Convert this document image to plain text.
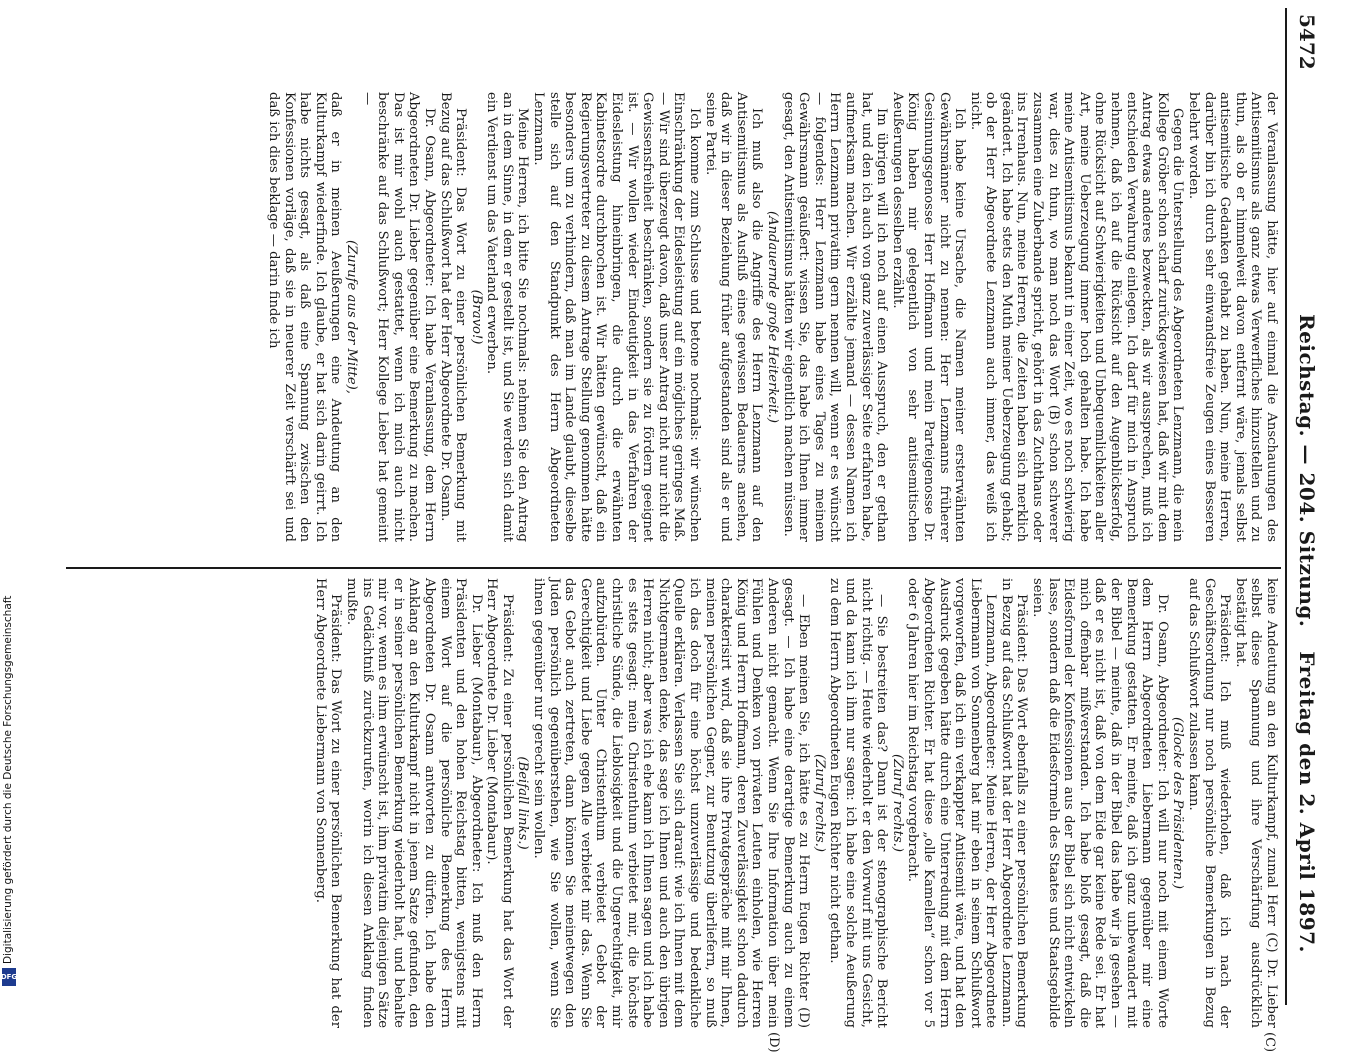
5472
Reichstag. — 204. Sitzung.
Freitag den 2. April 1897.
(C)
(D)

der Veranlassung hätte, hier auf einmal die Anschauungen des Antisemitismus als ganz etwas Verwerfliches hinzustellen und zu thun, als ob er himmelweit davon entfernt wäre, jemals selbst antisemitische Gedanken gehabt zu haben. Nun, meine Herren, darüber bin ich durch sehr einwandsfreie Zeugen eines Besseren belehrt worden.

Gegen die Unterstellung des Abgeordneten Lenzmann, die mein Kollege Gröber schon scharf zurückgewiesen hat, daß wir mit dem Antrag etwas anderes bezweckten, als wir aussprechen, muß ich entschieden Verwahrung einlegen. Ich darf für mich in Anspruch nehmen, daß ich auf die Rücksicht auf den Augenblickserfolg, ohne Rücksicht auf Schwierigkeiten und Unbequemlichkeiten aller Art, meine Ueberzeugung immer hoch gehalten habe. Ich habe meine Antisemitismus bekannt in einer Zeit, wo es noch schwierig war, dies zu thun, wo man noch das Wort (B) schon schwerer zusammen eine Zuberbande spricht, gehört in das Zuchthaus oder ins Irrenhaus. Nun, meine Herren, die Zeiten haben sich merklich geändert. Ich habe stets den Muth meiner Ueberzeugung gehabt; ob der Herr Abgeordnete Lenzmann auch immer, das weiß ich nicht.

Ich habe keine Ursache, die Namen meiner ersterwähnten Gewährsmänner nicht zu nennen: Herr Lenzmanns früherer Gesinnungsgenosse Herr Hoffmann und mein Parteigenosse Dr. König haben mir gelegentlich von sehr antisemitischen Aeußerungen desselben erzählt.

Im übrigen will ich noch auf einen Ausspruch, den er gethan hat, und den ich auch von ganz zuverlässiger Seite erfahren habe, aufmerksam machen. Wir erzählte jemand — dessen Namen ich Herrn Lenzmann privatim gern nennen will, wenn er es wünscht — folgendes: Herr Lenzmann habe eines Tages zu meinem Gewährsmann geäußert: wissen Sie, das habe ich Ihnen immer gesagt, den Antisemitismus hätten wir eigentlich machen müssen.

(Andauernde große Heiterkeit.)

Ich muß also die Angriffe des Herrn Lenzmann auf den Antisemitismus als Ausfluß eines gewissen Bedauerns ansehen, daß wir in dieser Beziehung früher aufgestanden sind als er und seine Partei.

Ich komme zum Schlusse und betone nochmals: wir wünschen Einschränkung der Eidesleistung auf ein mögliches geringes Maß. — Wir sind überzeugt davon, daß unser Antrag nicht nur nicht die Gewissensfreiheit beschränken, sondern sie zu fördern geeignet ist. — Wir wollen wieder Eindeutigkeit in das Verfahren der Eidesleistung hineinbringen, die durch die erwähnten Kabinetsordre durchbrochen ist. Wir hätten gewünscht, daß ein Regierungsvertreter zu diesem Antrage Stellung genommen hätte besonders um zu verhindern, daß man im Lande glaubt, dieselbe stelle sich auf den Standpunkt des Herrn Abgeordneten Lenzmann.

Meine Herren, ich bitte Sie nochmals: nehmen Sie den Antrag an in dem Sinne, in dem er gestellt ist, und Sie werden sich damit ein Verdienst um das Vaterland erwerben.

(Bravo!)

Präsident: Das Wort zu einer persönlichen Bemerkung mit Bezug auf das Schlußwort hat der Herr Abgeordnete Dr. Osann.

Dr. Osann, Abgeordneter: Ich habe Veranlassung, dem Herrn Abgeordneten Dr. Lieber gegenüber eine Bemerkung zu machen. Das ist mir wohl auch gestattet, wenn ich mich auch nicht beschränke auf das Schlußwort; Herr Kollege Lieber hat gemeint —

(Zurufe aus der Mitte),

daß er in meinen Aeußerungen eine Andeutung an den Kulturkampf wiederfinde. Ich glaube, er hat sich darin geirrt. Ich habe nichts gesagt, als daß eine Spannung zwischen den Konfessionen vorläge, daß sie in neuerer Zeit verschärft sei und daß ich dies beklage — darin finde ich

keine Andeutung an den Kulturkampf, zumal Herr (C) Dr. Lieber selbst diese Spannung und ihre Verschärfung ausdrücklich bestätigt hat.

Präsident: Ich muß wiederholen, daß ich nach der Geschäftsordnung nur noch persönliche Bemerkungen in Bezug auf das Schlußwort zulassen kann.

(Glocke des Präsidenten.)

Dr. Osann, Abgeordneter: Ich will nur noch mit einem Worte dem Herrn Abgeordneten Liebermann gegenüber mir eine Bemerkung gestatten. Er meinte, daß ich ganz unbewandert mit der Bibel — meinte, daß in der Bibel das habe wir ja gesehen — daß er es nicht ist, daß von dem Eide gar keine Rede sei. Er hat mich offenbar mißverstanden. Ich habe bloß gesagt, daß die Eidesformel der Konfessionen aus der Bibel sich nicht entwickeln lasse, sondern daß die Eidesformeln des Staates und Staatsgebilde seien.

Präsident: Das Wort ebenfalls zu einer persönlichen Bemerkung in Bezug auf das Schlußwort hat der Herr Abgeordnete Lenzmann.

Lenzmann, Abgeordneter: Meine Herren, der Herr Abgeordnete Liebermann von Sonnenberg hat mir eben in seinem Schlußwort vorgeworfen, daß ich ein verkappter Antisemit wäre, und hat den Ausdruck gegeben hätte durch eine Unterredung mit dem Herrn Abgeordneten Richter. Er hat diese „olle Kamellen“ schon vor 5 oder 6 Jahren hier im Reichstag vorgebracht.

(Zuruf rechts.)

— Sie bestreiten das? Dann ist der stenographische Bericht nicht richtig. — Heute wiederholt er den Vorwurf mit uns Gesicht, und da kann ich ihm nur sagen: ich habe eine solche Aeußerung zu dem Herrn Abgeordneten Eugen Richter nicht gethan.

(Zuruf rechts.)

— Eben meinen Sie, ich hätte es zu Herrn Eugen Richter (D) gesagt. — Ich habe eine derartige Bemerkung auch zu einem Anderen nicht gemacht. Wenn Sie Ihre Information über mein Fühlen und Denken von privaten Leuten einholen, wie Herren König und Herrn Hoffmann, deren Zuverlässigkeit schon dadurch charakterisirt wird, daß sie ihre Privatgespräche mit mir Ihnen, meinen persönlichen Gegner, zur Benutzung überliefern, so muß ich das doch für eine höchst unzuverlässige und bedenkliche Quelle erklären. Verlassen Sie sich darauf: wie ich Ihnen mit dem Nichtgermanen denke, das sage ich Ihnen und auch den übrigen Herren nicht; aber was ich ehe kann ich Ihnen sagen und ich habe es stets gesagt: mein Christenthum verbietet mir, die höchste christliche Sünde, die Lieblosigkeit und die Ungerechtigkeit, mir aufzubürden. Unter Christenthum verbietet Gebot der Gerechtigkeit und Liebe gegen Alle verbietet mir das. Wenn Sie das Gebot auch zertreten, dann können Sie meinetwegen den Juden persönlich gegenüberstehen, wie Sie wollen, wenn Sie ihnen gegenüber nur gerecht sein wollen.

(Beifall links.)

Präsident: Zu einer persönlichen Bemerkung hat das Wort der Herr Abgeordnete Dr. Lieber (Montabaur).

Dr. Lieber (Montabaur), Abgeordneter: Ich muß den Herrn Präsidenten und den hohen Reichstag bitten, wenigstens mit einem Wort auf die persönliche Bemerkung des Herrn Abgeordneten Dr. Osann antworten zu dürfen. Ich habe den Anklang an den Kulturkampf nicht in jenem Satze gefunden, den er in seiner persönlichen Bemerkung wiederholt hat, und behalte mir vor, wenn es ihm erwünscht ist, ihm privatim diejenigen Sätze ins Gedächtniß zurückzurufen, worin ich diesen Anklang finden mußte.

Präsident: Das Wort zu einer persönlichen Bemerkung hat der Herr Abgeordnete Liebermann von Sonnenberg.

Digitalisierung gefördert durch die Deutsche Forschungsgemeinschaft
DFG
